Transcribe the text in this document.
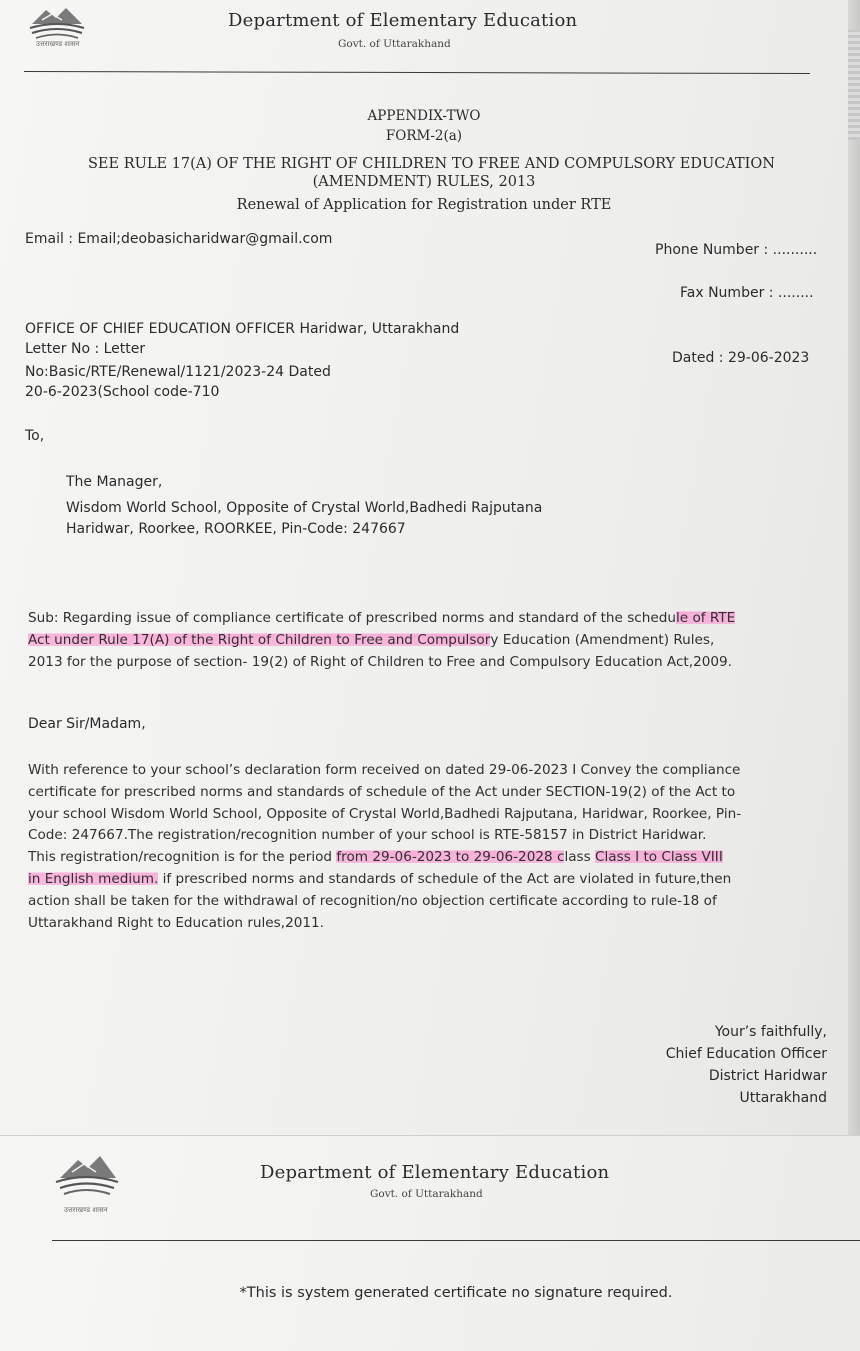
उत्तराखण्ड शासन
Department of Elementary Education
Govt. of Uttarakhand
APPENDIX-TWO
FORM-2(a)
SEE RULE 17(A) OF THE RIGHT OF CHILDREN TO FREE AND COMPULSORY EDUCATION
(AMENDMENT) RULES, 2013
Renewal of Application for Registration under RTE
Email : Email;deobasicharidwar@gmail.com
Phone Number : ..........
Fax Number : ........
OFFICE OF CHIEF EDUCATION OFFICER Haridwar, Uttarakhand
Letter No : Letter
No:Basic/RTE/Renewal/1121/2023-24 Dated
20-6-2023(School code-710
Dated : 29-06-2023
To,
The Manager,
Wisdom World School, Opposite of Crystal World,Badhedi Rajputana
Haridwar, Roorkee, ROORKEE, Pin-Code: 247667
Sub: Regarding issue of compliance certificate of prescribed norms and standard of the schedule of RTE
Act under Rule 17(A) of the Right of Children to Free and Compulsory Education (Amendment) Rules,
2013 for the purpose of section- 19(2) of Right of Children to Free and Compulsory Education Act,2009.
Dear Sir/Madam,
With reference to your school’s declaration form received on dated 29-06-2023 I Convey the compliance
certificate for prescribed norms and standards of schedule of the Act under SECTION-19(2) of the Act to
your school Wisdom World School, Opposite of Crystal World,Badhedi Rajputana, Haridwar, Roorkee, Pin-
Code: 247667.The registration/recognition number of your school is RTE-58157 in District Haridwar.
This registration/recognition is for the period from 29-06-2023 to 29-06-2028 class Class I to Class VIII
in English medium. if prescribed norms and standards of schedule of the Act are violated in future,then
action shall be taken for the withdrawal of recognition/no objection certificate according to rule-18 of
Uttarakhand Right to Education rules,2011.
Your’s faithfully,
Chief Education Officer
District Haridwar
Uttarakhand
उत्तराखण्ड शासन
Department of Elementary Education
Govt. of Uttarakhand
*This is system generated certificate no signature required.
